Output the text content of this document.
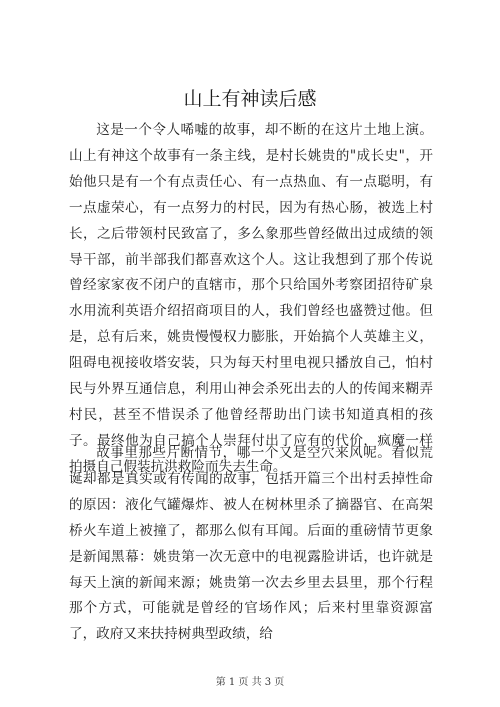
山上有神读后感

这是一个令人唏嘘的故事，却不断的在这片土地上演。山上有神这个故事有一条主线，是村长姚贵的"成长史"，开始他只是有一个有点责任心、有一点热血、有一点聪明，有一点虚荣心，有一点努力的村民，因为有热心肠，被选上村长，之后带领村民致富了，多么象那些曾经做出过成绩的领导干部，前半部我们都喜欢这个人。这让我想到了那个传说曾经家家夜不闭户的直辖市，那个只给国外考察团招待矿泉水用流利英语介绍招商项目的人，我们曾经也盛赞过他。但是，总有后来，姚贵慢慢权力膨胀，开始搞个人英雄主义，阻碍电视接收塔安装，只为每天村里电视只播放自己，怕村民与外界互通信息，利用山神会杀死出去的人的传闻来糊弄村民，甚至不惜误杀了他曾经帮助出门读书知道真相的孩子。最终他为自己搞个人崇拜付出了应有的代价，疯魔一样拍摄自己假装抗洪救险而失去生命。

故事里那些片断情节，哪一个又是空穴来风呢。看似荒诞却都是真实或有传闻的故事，包括开篇三个出村丢掉性命的原因：液化气罐爆炸、被人在树林里杀了摘器官、在高架桥火车道上被撞了，都那么似有耳闻。后面的重磅情节更象是新闻黑幕：姚贵第一次无意中的电视露脸讲话，也许就是每天上演的新闻来源；姚贵第一次去乡里去县里，那个行程那个方式，可能就是曾经的官场作风；后来村里靠资源富了，政府又来扶持树典型政绩，给

第 1 页 共 3 页
